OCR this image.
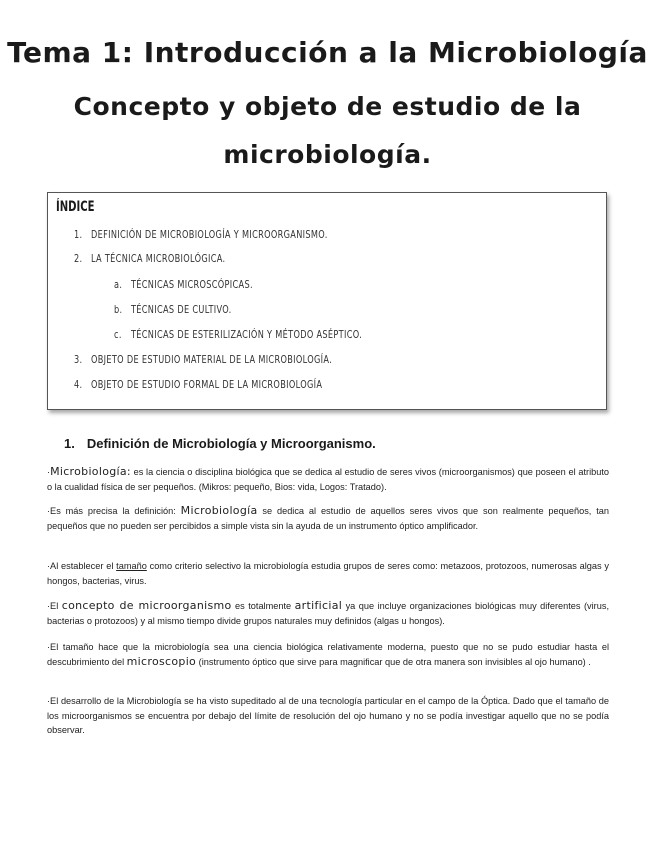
Tema 1: Introducción a la Microbiología
Concepto y objeto de estudio de la
microbiología.
ÍNDICE
1. DEFINICIÓN DE MICROBIOLOGÍA Y MICROORGANISMO.
2. LA TÉCNICA MICROBIOLÓGICA.
a. TÉCNICAS MICROSCÓPICAS.
b. TÉCNICAS DE CULTIVO.
c. TÉCNICAS DE ESTERILIZACIÓN Y MÉTODO ASÉPTICO.
3. OBJETO DE ESTUDIO MATERIAL DE LA MICROBIOLOGÍA.
4. OBJETO DE ESTUDIO FORMAL DE LA MICROBIOLOGÍA
1. Definición de Microbiología y Microorganismo.
·Microbiología: es la ciencia o disciplina biológica que se dedica al estudio de seres vivos (microorganismos) que poseen el atributo o la cualidad física de ser pequeños. (Mikros: pequeño, Bios: vida, Logos: Tratado).
·Es más precisa la definición: Microbiología se dedica al estudio de aquellos seres vivos que son realmente pequeños, tan pequeños que no pueden ser percibidos a simple vista sin la ayuda de un instrumento óptico amplificador.
·Al establecer el tamaño como criterio selectivo la microbiología estudia grupos de seres como: metazoos, protozoos, numerosas algas y hongos, bacterias, virus.
·El concepto de microorganismo es totalmente artificial ya que incluye organizaciones biológicas muy diferentes (virus, bacterias o protozoos) y al mismo tiempo divide grupos naturales muy definidos (algas u hongos).
·El tamaño hace que la microbiología sea una ciencia biológica relativamente moderna, puesto que no se pudo estudiar hasta el descubrimiento del microscopio (instrumento óptico que sirve para magnificar que de otra manera son invisibles al ojo humano) .
·El desarrollo de la Microbiología se ha visto supeditado al de una tecnología particular en el campo de la Óptica. Dado que el tamaño de los microorganismos se encuentra por debajo del límite de resolución del ojo humano y no se podía investigar aquello que no se podía observar.
